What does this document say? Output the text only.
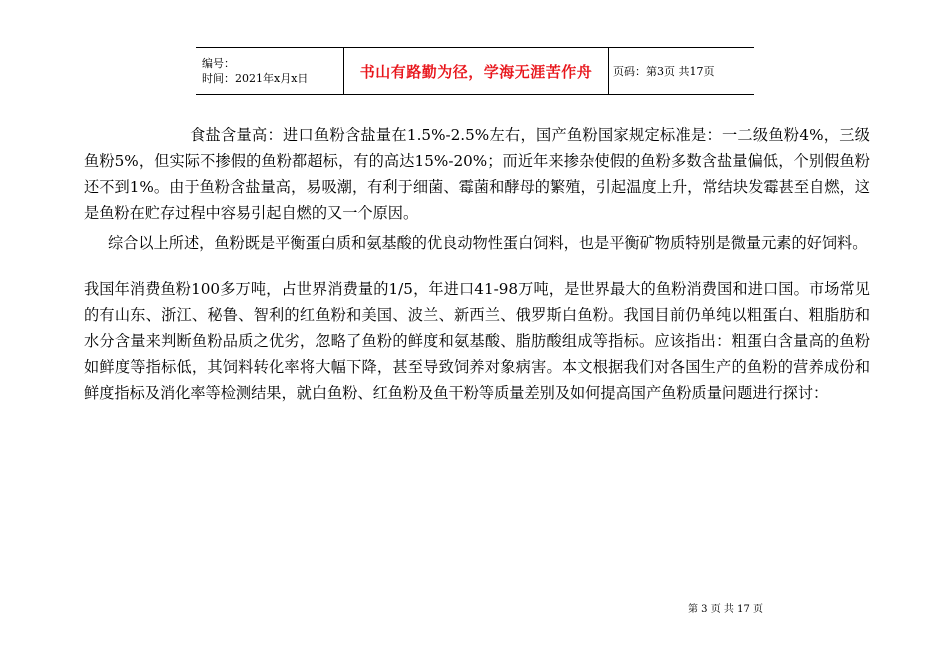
编号：
时间：2021年x月x日	书山有路勤为径，学海无涯苦作舟	页码：第3页 共17页

食盐含量高：进口鱼粉含盐量在1.5%-2.5%左右，国产鱼粉国家规定标准是：一二级鱼粉4%，三级鱼粉5%，但实际不掺假的鱼粉都超标，有的高达15%-20%；而近年来掺杂使假的鱼粉多数含盐量偏低，个别假鱼粉还不到1%。由于鱼粉含盐量高，易吸潮，有利于细菌、霉菌和酵母的繁殖，引起温度上升，常结块发霉甚至自燃，这是鱼粉在贮存过程中容易引起自燃的又一个原因。

综合以上所述，鱼粉既是平衡蛋白质和氨基酸的优良动物性蛋白饲料，也是平衡矿物质特别是微量元素的好饲料。

我国年消费鱼粉100多万吨，占世界消费量的1/5，年进口41-98万吨，是世界最大的鱼粉消费国和进口国。市场常见的有山东、浙江、秘鲁、智利的红鱼粉和美国、波兰、新西兰、俄罗斯白鱼粉。我国目前仍单纯以粗蛋白、粗脂肪和水分含量来判断鱼粉品质之优劣，忽略了鱼粉的鲜度和氨基酸、脂肪酸组成等指标。应该指出：粗蛋白含量高的鱼粉如鲜度等指标低，其饲料转化率将大幅下降，甚至导致饲养对象病害。本文根据我们对各国生产的鱼粉的营养成份和鲜度指标及消化率等检测结果，就白鱼粉、红鱼粉及鱼干粉等质量差别及如何提高国产鱼粉质量问题进行探讨：

第 3 页 共 17 页
